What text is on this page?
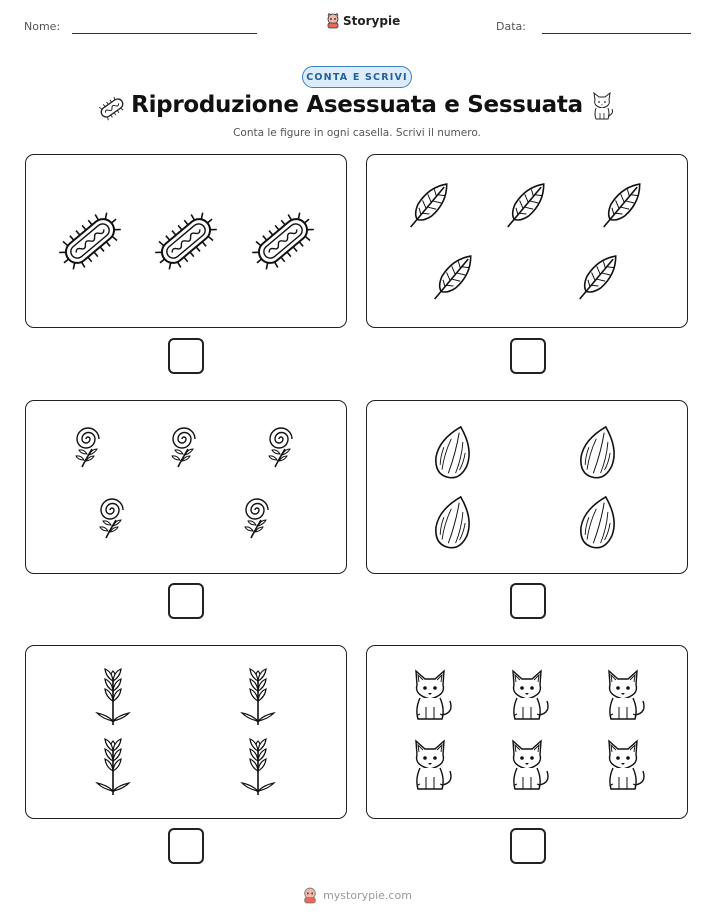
Nome:	Storypie	Data:
CONTA E SCRIVI
Riproduzione Asessuata e Sessuata
Conta le figure in ogni casella. Scrivi il numero.
mystorypie.com
